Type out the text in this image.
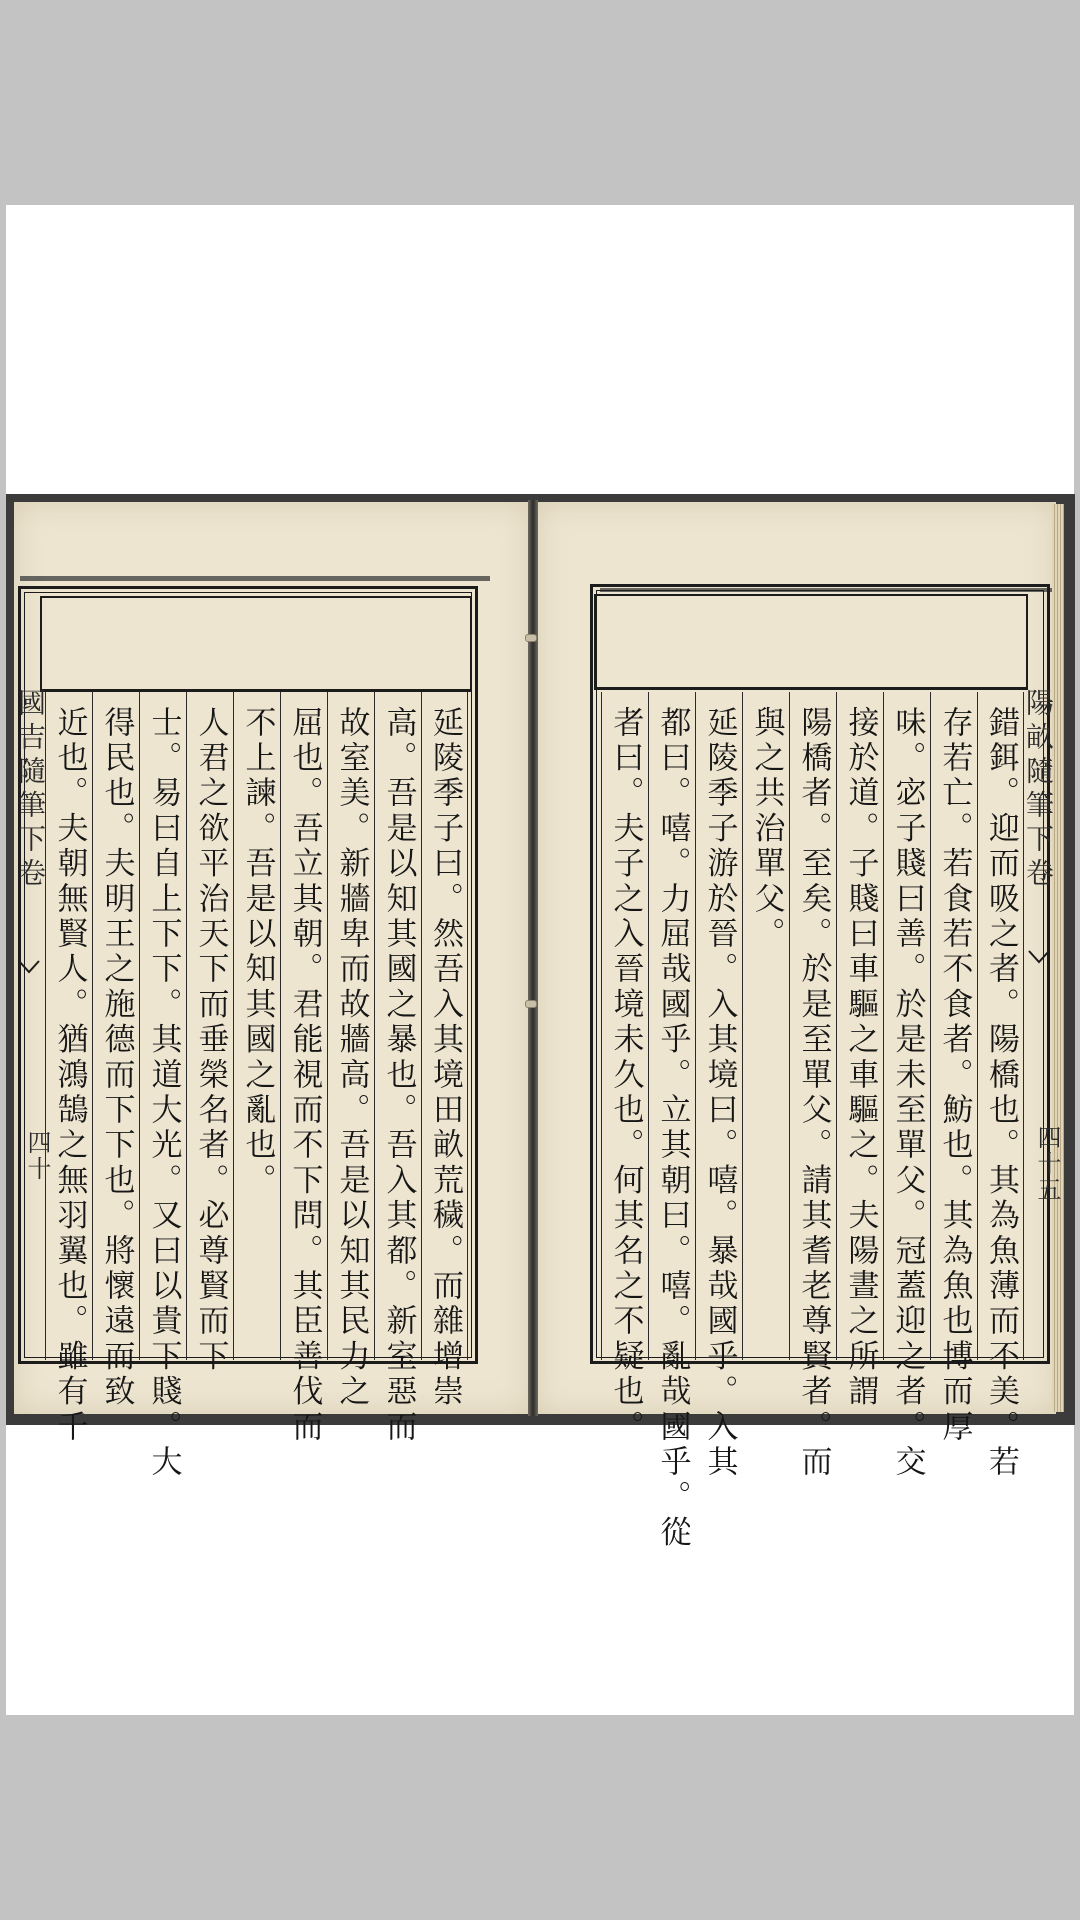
國吉隨筆下卷
四十	延陵季子曰。然吾入其境田畝荒穢。而雜增崇
高。吾是以知其國之暴也。吾入其都。新室惡而
故室美。新牆卑而故牆高。吾是以知其民力之
屈也。吾立其朝。君能視而不下問。其臣善伐而
不上諫。吾是以知其國之亂也。
人君之欲平治天下而垂榮名者。必尊賢而下
士。易曰自上下下。其道大光。又曰以貴下賤。大
得民也。夫明王之施德而下下也。將懷遠而致
近也。夫朝無賢人。猶鴻鵠之無羽翼也。雖有千	陽畝隨筆下卷
四十五
錯鉺。迎而吸之者。陽橋也。其為魚薄而不美。若
存若亡。若食若不食者。魴也。其為魚也博而厚
味。宓子賤曰善。於是未至單父。冠蓋迎之者。交
接於道。子賤曰車驅之車驅之。夫陽晝之所謂
陽橋者。至矣。於是至單父。請其耆老尊賢者。而
與之共治單父。
延陵季子游於晉。入其境曰。嘻。暴哉國乎。入其
都曰。嘻。力屈哉國乎。立其朝曰。嘻。亂哉國乎。從
者曰。夫子之入晉境未久也。何其名之不疑也。
